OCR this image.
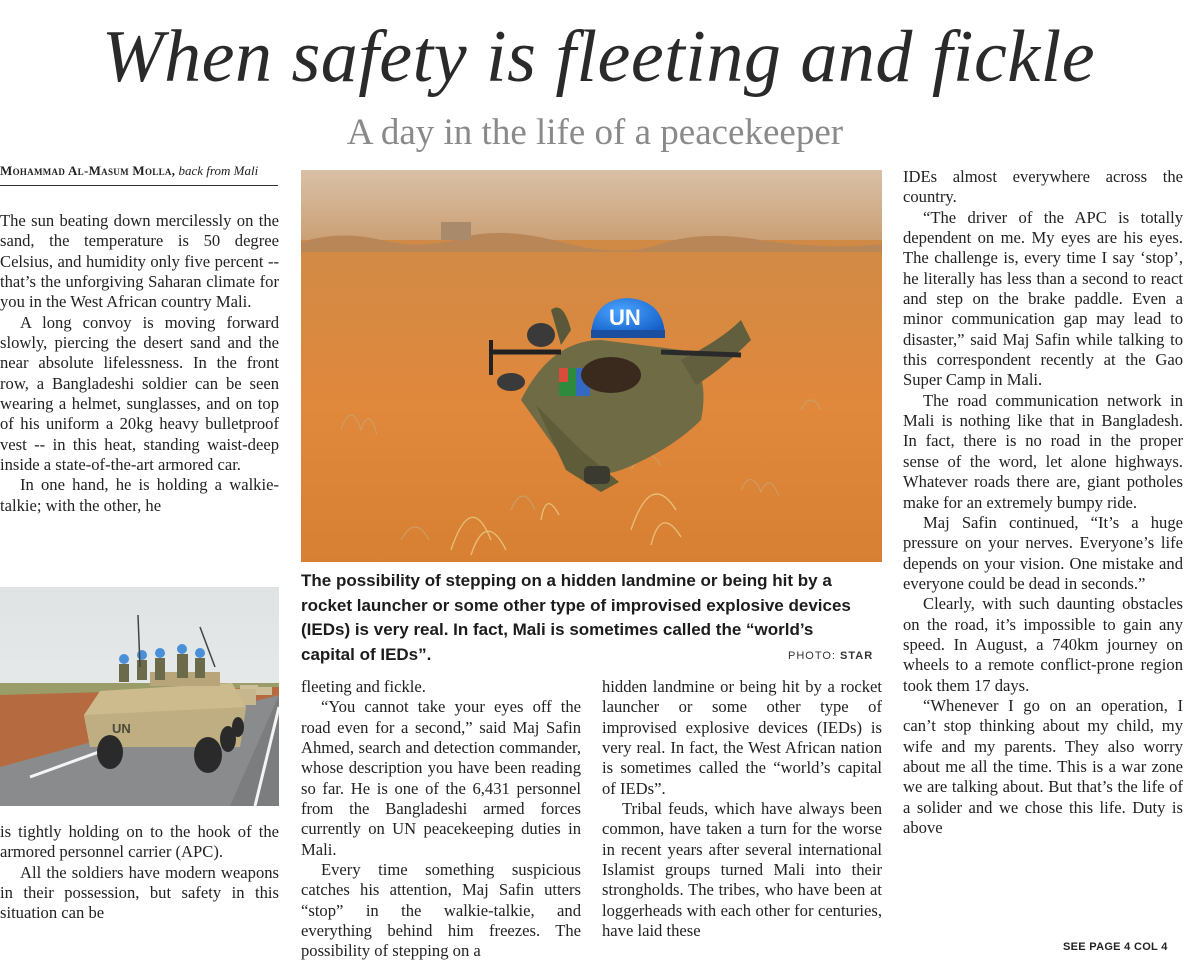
When safety is fleeting and fickle
A day in the life of a peacekeeper
Mohammad Al-Masum Molla, back from Mali

The sun beating down mercilessly on the sand, the temperature is 50 degree Celsius, and humidity only five percent -- that’s the unforgiving Saharan climate for you in the West African country Mali.

A long convoy is moving forward slowly, piercing the desert sand and the near absolute lifelessness. In the front row, a Bangladeshi soldier can be seen wearing a helmet, sunglasses, and on top of his uniform a 20kg heavy bulletproof vest -- in this heat, standing waist-deep inside a state-of-the-art armored car.

In one hand, he is holding a walkie-talkie; with the other, he

UN

is tightly holding on to the hook of the armored personnel carrier (APC).

All the soldiers have modern weapons in their possession, but safety in this situation can be

UN
The possibility of stepping on a hidden landmine or being hit by a rocket launcher or some other type of improvised explosive devices (IEDs) is very real. In fact, Mali is sometimes called the “world’s capital of IEDs”.	PHOTO: STAR

fleeting and fickle.

“You cannot take your eyes off the road even for a second,” said Maj Safin Ahmed, search and detection commander, whose description you have been reading so far. He is one of the 6,431 personnel from the Bangladeshi armed forces currently on UN peacekeeping duties in Mali.

Every time something suspicious catches his attention, Maj Safin utters “stop” in the walkie-talkie, and everything behind him freezes. The possibility of stepping on a

hidden landmine or being hit by a rocket launcher or some other type of improvised explosive devices (IEDs) is very real. In fact, the West African nation is sometimes called the “world’s capital of IEDs”.

Tribal feuds, which have always been common, have taken a turn for the worse in recent years after several international Islamist groups turned Mali into their strongholds. The tribes, who have been at loggerheads with each other for centuries, have laid these

IDEs almost everywhere across the country.

“The driver of the APC is totally dependent on me. My eyes are his eyes. The challenge is, every time I say ‘stop’, he literally has less than a second to react and step on the brake paddle. Even a minor communication gap may lead to disaster,” said Maj Safin while talking to this correspondent recently at the Gao Super Camp in Mali.

The road communication network in Mali is nothing like that in Bangladesh. In fact, there is no road in the proper sense of the word, let alone highways. Whatever roads there are, giant potholes make for an extremely bumpy ride.

Maj Safin continued, “It’s a huge pressure on your nerves. Everyone’s life depends on your vision. One mistake and everyone could be dead in seconds.”

Clearly, with such daunting obstacles on the road, it’s impossible to gain any speed. In August, a 740km journey on wheels to a remote conflict-prone region took them 17 days.

“Whenever I go on an operation, I can’t stop thinking about my child, my wife and my parents. They also worry about me all the time. This is a war zone we are talking about. But that’s the life of a solider and we chose this life. Duty is above

SEE PAGE 4 COL 4
